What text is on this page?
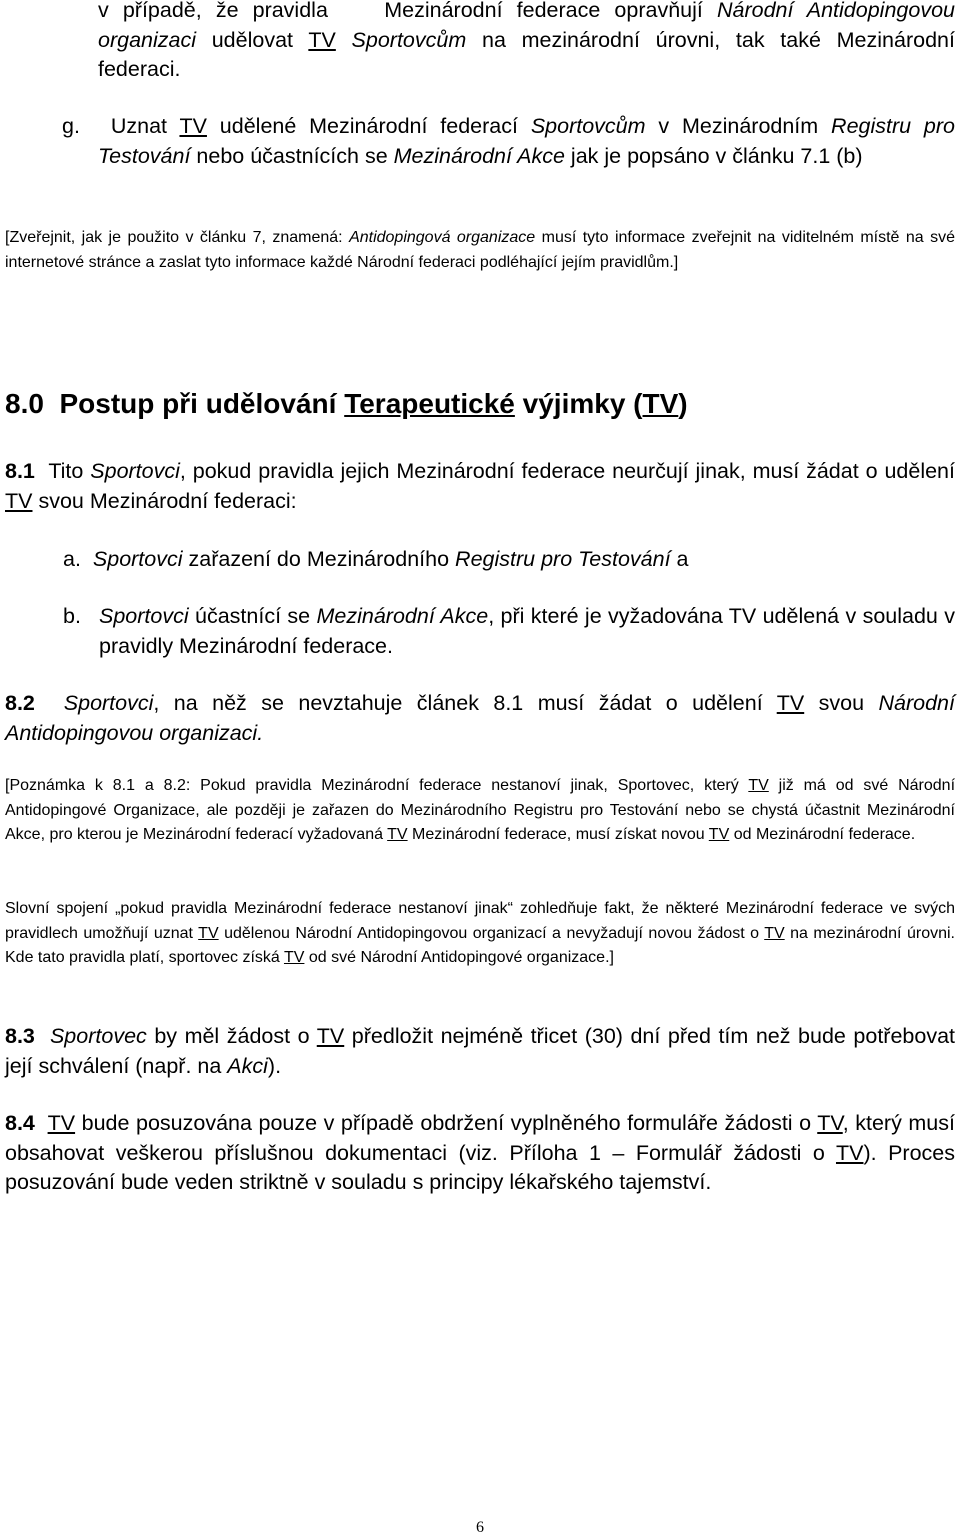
v případě, že pravidla	Mezinárodní federace opravňují Národní Antidopingovou organizaci udělovat TV Sportovcům na mezinárodní úrovni, tak také Mezinárodní federaci.
g.	Uznat TV udělené Mezinárodní federací Sportovcům v Mezinárodním Registru pro Testování nebo účastnících se Mezinárodní Akce jak je popsáno v článku 7.1 (b)
[Zveřejnit, jak je použito v článku 7, znamená: Antidopingová organizace musí tyto informace zveřejnit na viditelném místě na své internetové stránce a zaslat tyto informace každé Národní federaci podléhající jejím pravidlům.]
8.0 Postup při udělování Terapeutické výjimky (TV)
8.1 Tito Sportovci, pokud pravidla jejich Mezinárodní federace neurčují jinak, musí žádat o udělení TV svou Mezinárodní federaci:
a. Sportovci zařazení do Mezinárodního Registru pro Testování a
b. Sportovci účastnící se Mezinárodní Akce, při které je vyžadována TV udělená v souladu v pravidly Mezinárodní federace.
8.2 Sportovci, na něž se nevztahuje článek 8.1 musí žádat o udělení TV svou Národní Antidopingovou organizaci.
[Poznámka k 8.1 a 8.2: Pokud pravidla Mezinárodní federace nestanoví jinak, Sportovec, který TV již má od své Národní Antidopingové Organizace, ale později je zařazen do Mezinárodního Registru pro Testování nebo se chystá účastnit Mezinárodní Akce, pro kterou je Mezinárodní federací vyžadovaná TV Mezinárodní federace, musí získat novou TV od Mezinárodní federace.
Slovní spojení „pokud pravidla Mezinárodní federace nestanoví jinak“ zohledňuje fakt, že některé Mezinárodní federace ve svých pravidlech umožňují uznat TV udělenou Národní Antidopingovou organizací a nevyžadují novou žádost o TV na mezinárodní úrovni. Kde tato pravidla platí, sportovec získá TV od své Národní Antidopingové organizace.]
8.3 Sportovec by měl žádost o TV předložit nejméně třicet (30) dní před tím než bude potřebovat její schválení (např. na Akci).
8.4 TV bude posuzována pouze v případě obdržení vyplněného formuláře žádosti o TV, který musí obsahovat veškerou příslušnou dokumentaci (viz. Příloha 1 – Formulář žádosti o TV). Proces posuzování bude veden striktně v souladu s principy lékařského tajemství.
6
